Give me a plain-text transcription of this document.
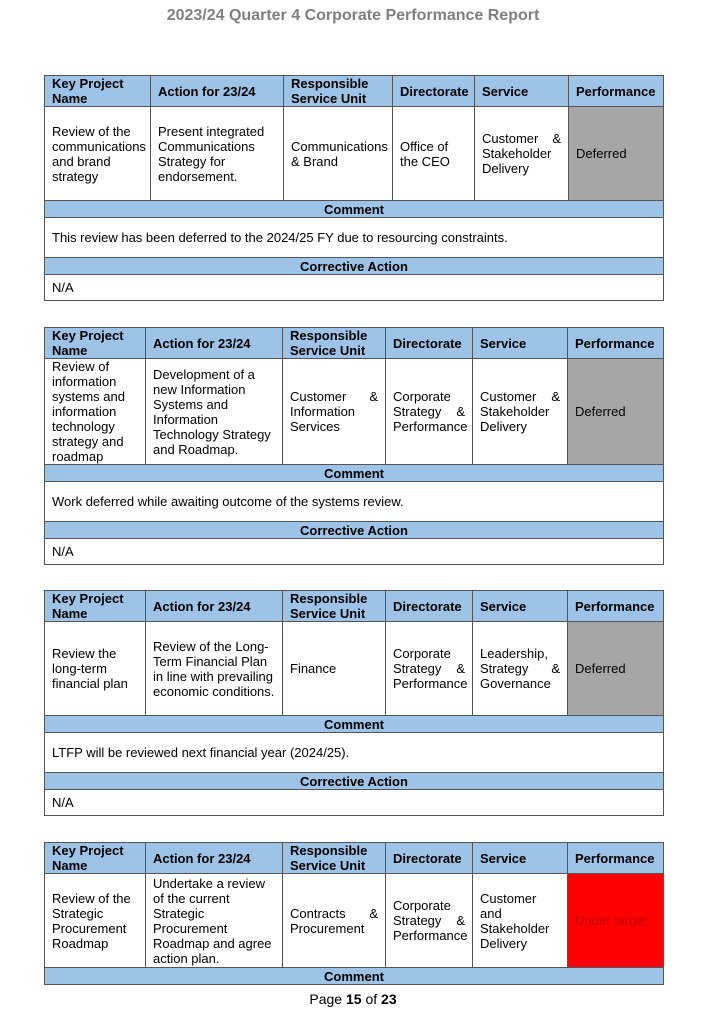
2023/24 Quarter 4 Corporate Performance Report
Key Project Name	Action for 23/24	Responsible Service Unit	Directorate	Service	Performance
Review of the communications and brand strategy	Present integrated Communications Strategy for endorsement.	Communications & Brand	Office of the CEO	Customer & Stakeholder Delivery	Deferred
Comment					
This review has been deferred to the 2024/25 FY due to resourcing constraints.					
Corrective Action					
N/A					
Key Project Name	Action for 23/24	Responsible Service Unit	Directorate	Service	Performance
Review of information systems and information technology strategy and roadmap	Development of a new Information Systems and Information Technology Strategy and Roadmap.	Customer & Information Services	Corporate Strategy & Performance	Customer & Stakeholder Delivery	Deferred
Comment					
Work deferred while awaiting outcome of the systems review.					
Corrective Action					
N/A					
Key Project Name	Action for 23/24	Responsible Service Unit	Directorate	Service	Performance
Review the long-term financial plan	Review of the Long-Term Financial Plan in line with prevailing economic conditions.	Finance	Corporate Strategy & Performance	Leadership, Strategy & Governance	Deferred
Comment					
LTFP will be reviewed next financial year (2024/25).					
Corrective Action					
N/A					
Key Project Name	Action for 23/24	Responsible Service Unit	Directorate	Service	Performance
Review of the Strategic Procurement Roadmap	Undertake a review of the current Strategic Procurement Roadmap and agree action plan.	Contracts & Procurement	Corporate Strategy & Performance	Customer and Stakeholder Delivery	Under target
Comment					
Page 15 of 23
